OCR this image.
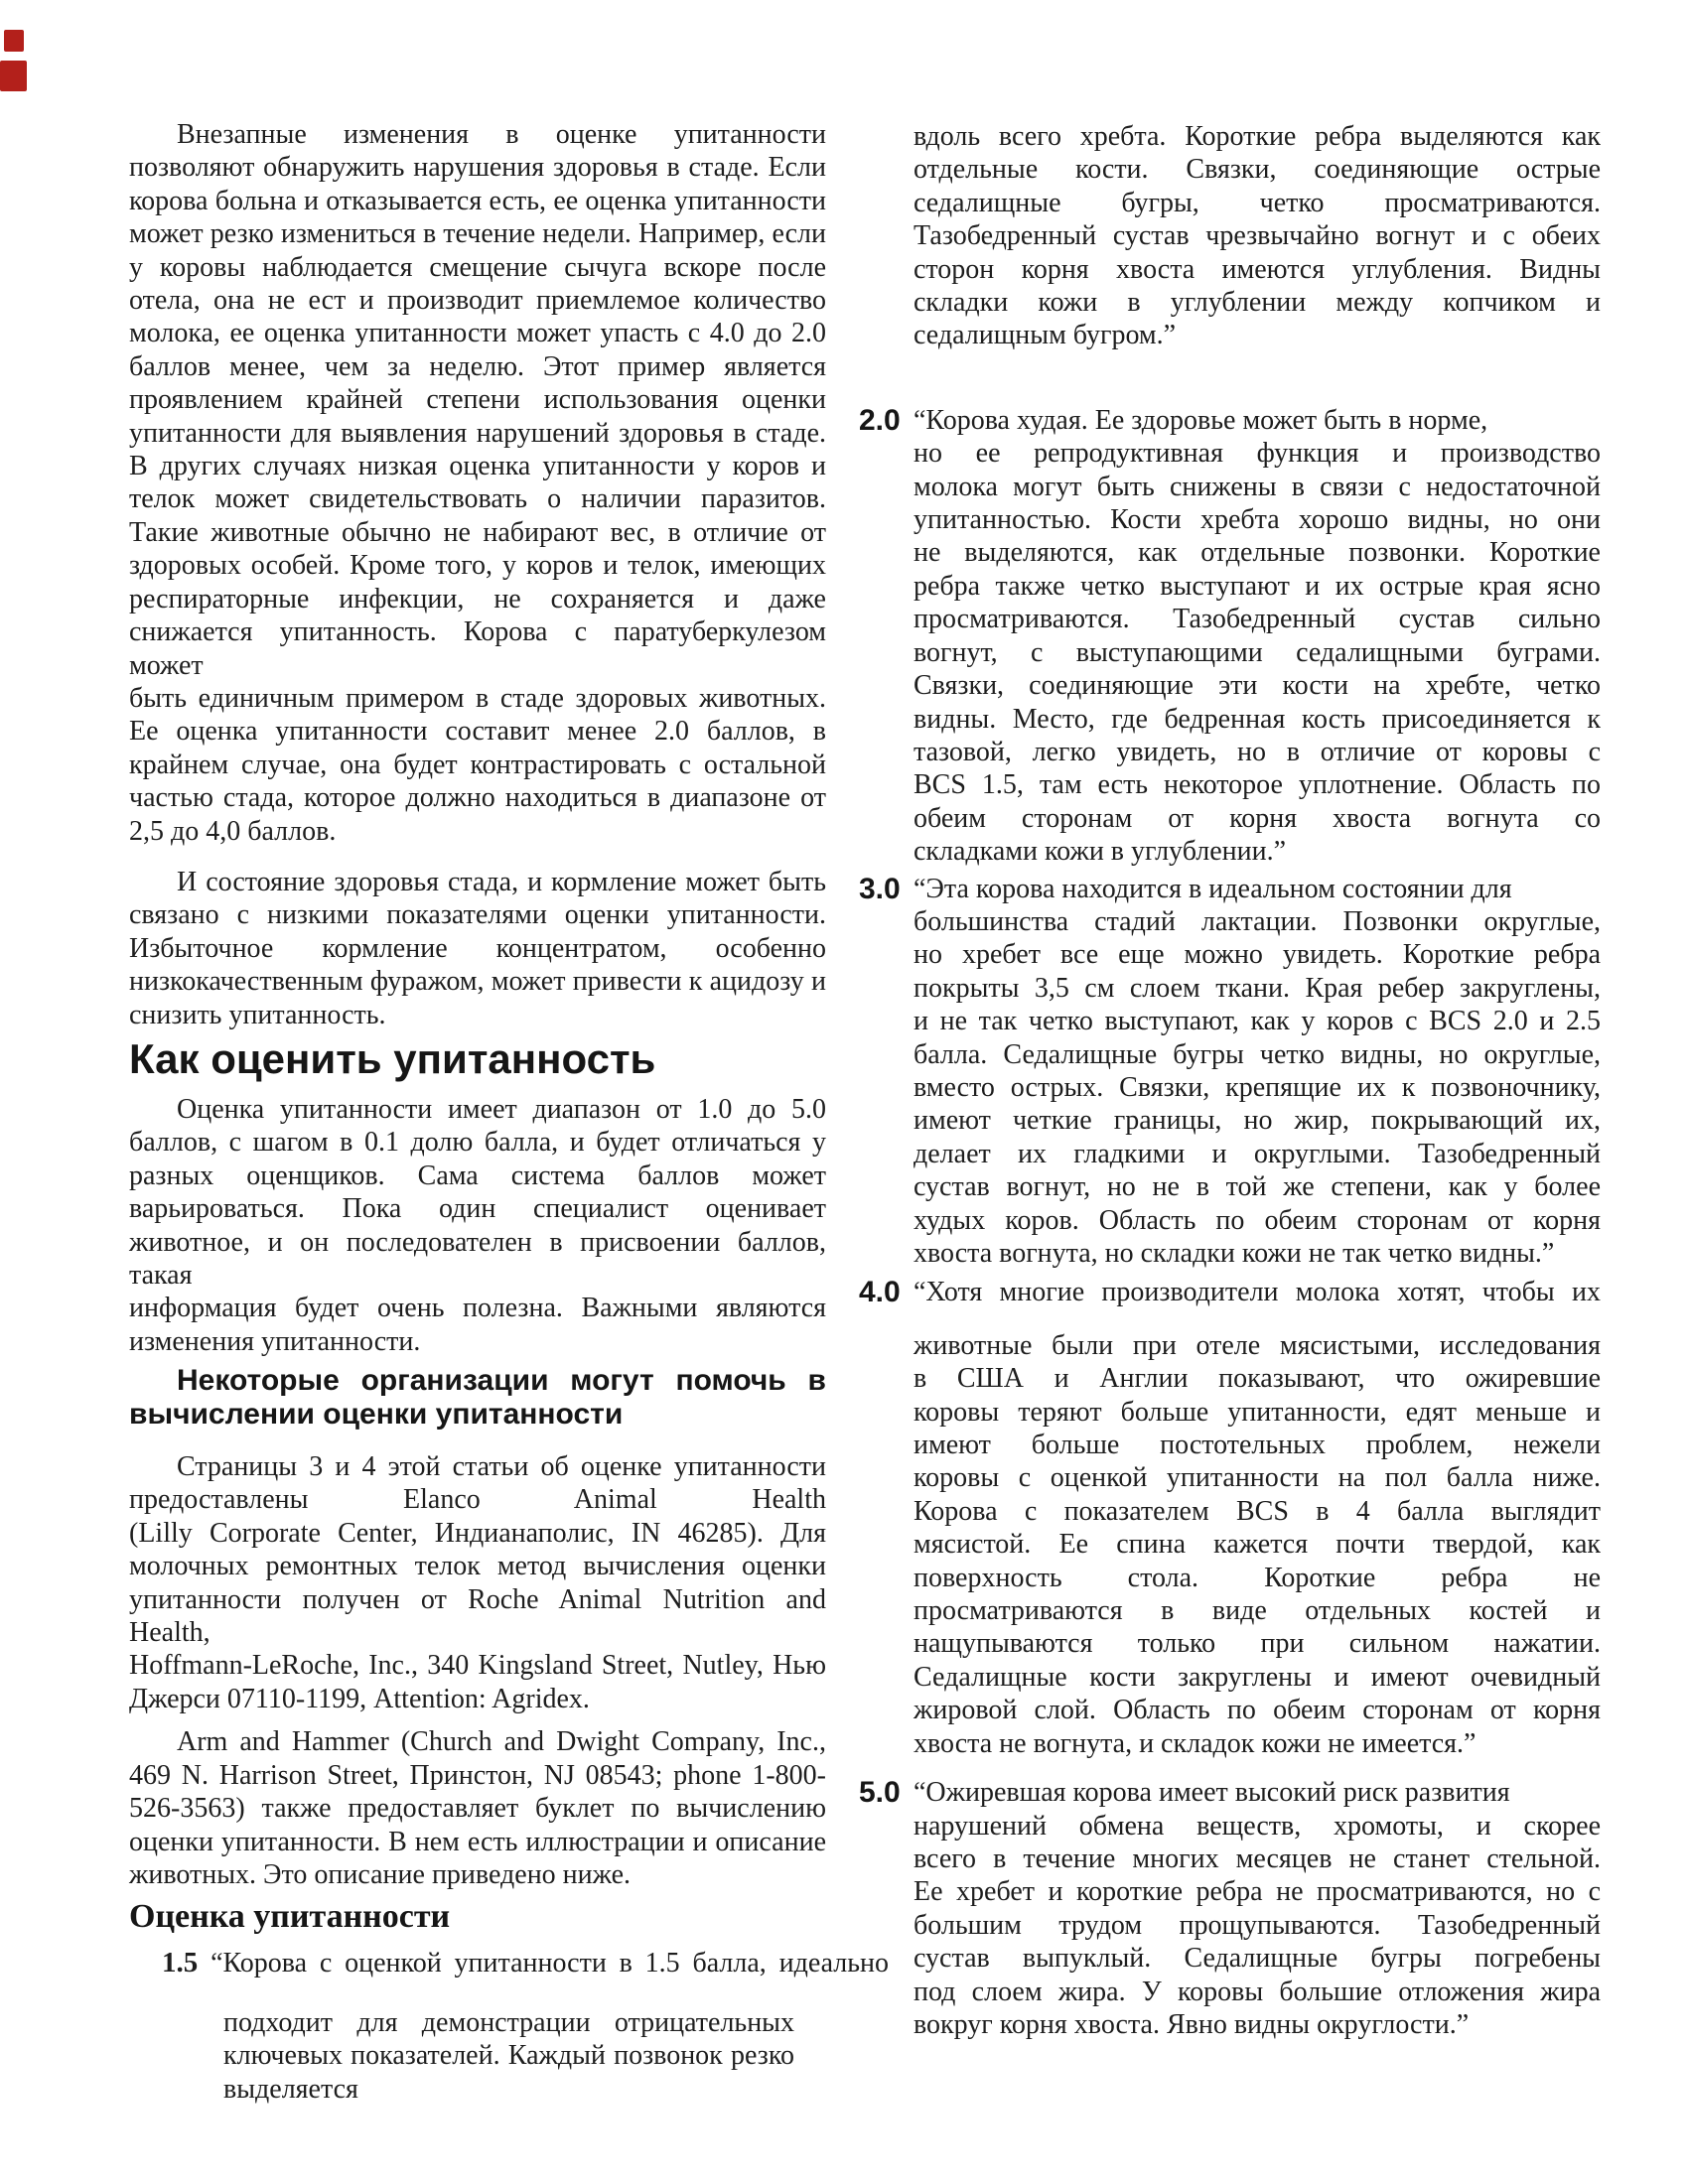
Внезапные изменения в оценке упитанности
позволяют обнаружить нарушения здоровья в стаде. Если
корова больна и отказывается есть, ее оценка упитанности
может резко измениться в течение недели. Например, если
у коровы наблюдается смещение сычуга вскоре после
отела, она не ест и производит приемлемое количество
молока, ее оценка упитанности может упасть с 4.0 до 2.0
баллов менее, чем за неделю. Этот пример является
проявлением крайней степени использования оценки
упитанности для выявления нарушений здоровья в стаде.
В других случаях низкая оценка упитанности у коров и
телок может свидетельствовать о наличии паразитов.
Такие животные обычно не набирают вес, в отличие от
здоровых особей. Кроме того, у коров и телок, имеющих
респираторные инфекции, не сохраняется и даже
снижается упитанность. Корова с паратуберкулезом может
быть единичным примером в стаде здоровых животных.
Ее оценка упитанности составит менее 2.0 баллов, в
крайнем случае, она будет контрастировать с остальной
частью стада, которое должно находиться в диапазоне от
2,5 до 4,0 баллов.
И состояние здоровья стада, и кормление может быть
связано с низкими показателями оценки упитанности.
Избыточное кормление концентратом, особенно
низкокачественным фуражом, может привести к ацидозу и
снизить упитанность.
Как оценить упитанность
Оценка упитанности имеет диапазон от 1.0 до 5.0
баллов, с шагом в 0.1 долю балла, и будет отличаться у
разных оценщиков. Сама система баллов может
варьироваться. Пока один специалист оценивает
животное, и он последователен в присвоении баллов, такая
информация будет очень полезна. Важными являются
изменения упитанности.
Некоторые организации могут помочь в
вычислении оценки упитанности
Страницы 3 и 4 этой статьи об оценке упитанности
предоставлены Elanco Animal Health
(Lilly Corporate Center, Индианаполис, IN 46285). Для
молочных ремонтных телок метод вычисления оценки
упитанности получен от Roche Animal Nutrition and Health,
Hoffmann-LeRoche, Inc., 340 Kingsland Street, Nutley, Нью
Джерси 07110-1199, Attention: Agridex.
Arm and Hammer (Church and Dwight Company, Inc.,
469 N. Harrison Street, Принстон, NJ 08543; phone 1-800-
526-3563) также предоставляет буклет по вычислению
оценки упитанности. В нем есть иллюстрации и описание
животных. Это описание приведено ниже.
Оценка упитанности
1.5 “Корова с оценкой упитанности в 1.5 балла, идеально
подходит для демонстрации отрицательных
ключевых показателей. Каждый позвонок резко
выделяется
вдоль всего хребта. Короткие ребра выделяются как
отдельные кости. Связки, соединяющие острые
седалищные бугры, четко просматриваются.
Тазобедренный сустав чрезвычайно вогнут и с обеих
сторон корня хвоста имеются углубления. Видны
складки кожи в углублении между копчиком и
седалищным бугром.”
2.0 “Корова худая. Ее здоровье может быть в норме,
но ее репродуктивная функция и производство
молока могут быть снижены в связи с недостаточной
упитанностью. Кости хребта хорошо видны, но они
не выделяются, как отдельные позвонки. Короткие
ребра также четко выступают и их острые края ясно
просматриваются. Тазобедренный сустав сильно
вогнут, с выступающими седалищными буграми.
Связки, соединяющие эти кости на хребте, четко
видны. Место, где бедренная кость присоединяется к
тазовой, легко увидеть, но в отличие от коровы с
BCS 1.5, там есть некоторое уплотнение. Область по
обеим сторонам от корня хвоста вогнута со
складками кожи в углублении.”
3.0 “Эта корова находится в идеальном состоянии для
большинства стадий лактации. Позвонки округлые,
но хребет все еще можно увидеть. Короткие ребра
покрыты 3,5 см слоем ткани. Края ребер закруглены,
и не так четко выступают, как у коров с BCS 2.0 и 2.5
балла. Седалищные бугры четко видны, но округлые,
вместо острых. Связки, крепящие их к позвоночнику,
имеют четкие границы, но жир, покрывающий их,
делает их гладкими и округлыми. Тазобедренный
сустав вогнут, но не в той же степени, как у более
худых коров. Область по обеим сторонам от корня
хвоста вогнута, но складки кожи не так четко видны.”
4.0 “Хотя многие производители молока хотят, чтобы их
животные были при отеле мясистыми, исследования
в США и Англии показывают, что ожиревшие
коровы теряют больше упитанности, едят меньше и
имеют больше постотельных проблем, нежели
коровы с оценкой упитанности на пол балла ниже.
Корова с показателем BCS в 4 балла выглядит
мясистой. Ее спина кажется почти твердой, как
поверхность стола. Короткие ребра не
просматриваются в виде отдельных костей и
нащупываются только при сильном нажатии.
Седалищные кости закруглены и имеют очевидный
жировой слой. Область по обеим сторонам от корня
хвоста не вогнута, и складок кожи не имеется.”
5.0 “Ожиревшая корова имеет высокий риск развития
нарушений обмена веществ, хромоты, и скорее
всего в течение многих месяцев не станет стельной.
Ее хребет и короткие ребра не просматриваются, но с
большим трудом прощупываются. Тазобедренный
сустав выпуклый. Седалищные бугры погребены
под слоем жира. У коровы большие отложения жира
вокруг корня хвоста. Явно видны округлости.”
